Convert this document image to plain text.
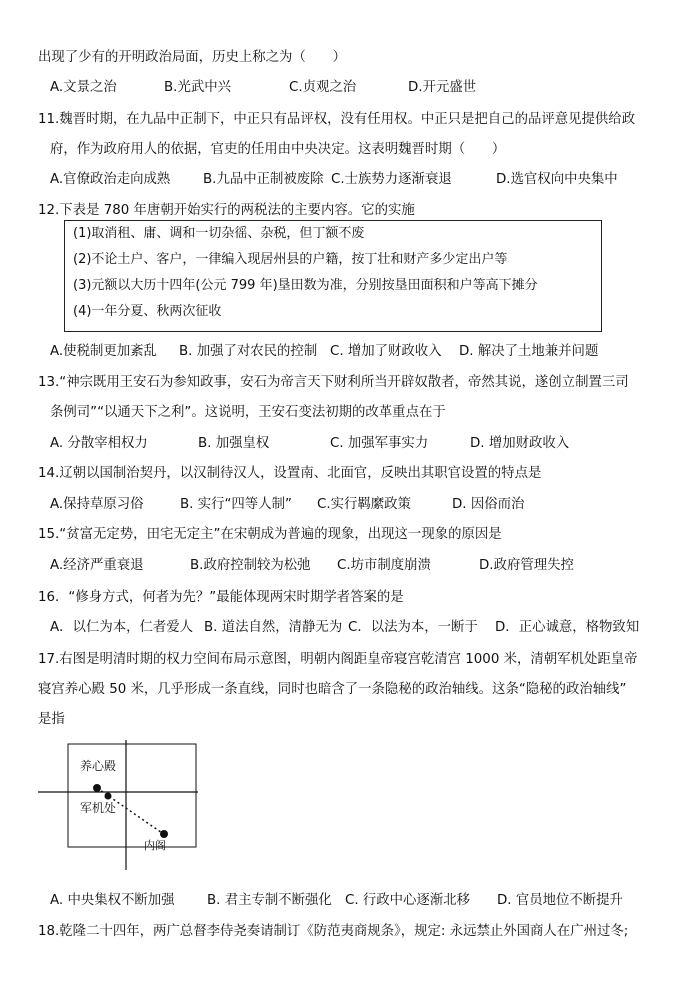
出现了少有的开明政治局面，历史上称之为（　　）
A.文景之治	B.光武中兴	C.贞观之治	D.开元盛世
11.魏晋时期，在九品中正制下，中正只有品评权，没有任用权。中正只是把自己的品评意见提供给政
府，作为政府用人的依据，官吏的任用由中央决定。这表明魏晋时期（　　）
A.官僚政治走向成熟 B.九品中正制被废除 C.士族势力逐渐衰退	D.选官权向中央集中
12.下表是 780 年唐朝开始实行的两税法的主要内容。它的实施
(1)取消租、庸、调和一切杂徭、杂税，但丁额不废
(2)不论土户、客户，一律编入现居州县的户籍，按丁壮和财产多少定出户等
(3)元额以大历十四年(公元 799 年)垦田数为准，分别按垦田面积和户等高下摊分
(4)一年分夏、秋两次征收
A.使税制更加紊乱 B. 加强了对农民的控制 C. 增加了财政收入 D. 解决了土地兼并问题
13.“神宗既用王安石为参知政事，安石为帝言天下财利所当开辟奴散者，帝然其说，遂创立制置三司
条例司”“以通天下之利”。这说明，王安石变法初期的改革重点在于
A. 分散宰相权力	B. 加强皇权	C. 加强军事实力	D. 增加财政收入
14.辽朝以国制治契丹，以汉制待汉人，设置南、北面官，反映出其职官设置的特点是
A.保持草原习俗	B. 实行“四等人制” C.实行羁縻政策	D. 因俗而治
15.“贫富无定势，田宅无定主”在宋朝成为普遍的现象，出现这一现象的原因是
A.经济严重衰退	B.政府控制较为松弛 C.坊市制度崩溃	D.政府管理失控
16．“修身方式，何者为先？”最能体现两宋时期学者答案的是
A．以仁为本，仁者爱人 B. 道法自然，清静无为 C．以法为本，一断于 D．正心诚意，格物致知
17.右图是明清时期的权力空间布局示意图，明朝内阁距皇帝寝宫乾清宫 1000 米，清朝军机处距皇帝
寝宫养心殿 50 米，几乎形成一条直线，同时也暗含了一条隐秘的政治轴线。这条“隐秘的政治轴线”
是指
养心殿
军机处
内阁
A. 中央集权不断加强 B. 君主专制不断强化 C. 行政中心逐渐北移 D. 官员地位不断提升
18.乾隆二十四年，两广总督李侍尧奏请制订《防范夷商规条》，规定: 永远禁止外国商人在广州过冬;
